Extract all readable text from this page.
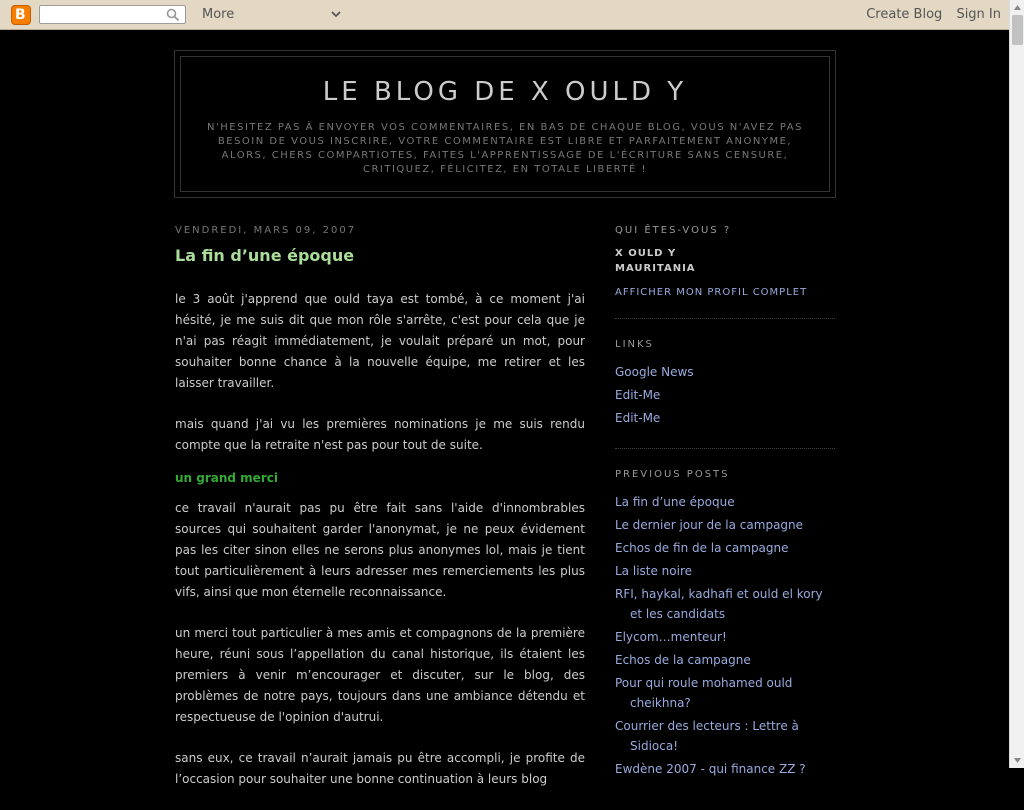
B	More	Create Blog Sign In
LE BLOG DE X OULD Y
N'HESITEZ PAS À ENVOYER VOS COMMENTAIRES, EN BAS DE CHAQUE BLOG, VOUS N'AVEZ PAS BESOIN DE VOUS INSCRIRE, VOTRE COMMENTAIRE EST LIBRE ET PARFAITEMENT ANONYME, ALORS, CHERS COMPARTIOTES, FAITES L'APPRENTISSAGE DE L'ÉCRITURE SANS CENSURE, CRITIQUEZ, FÉLICITEZ, EN TOTALE LIBERTÉ !
VENDREDI, MARS 09, 2007
La fin d’une époque

le 3 août j'apprend que ould taya est tombé, à ce moment j'ai hésité, je me suis dit que mon rôle s'arrête, c'est pour cela que je n'ai pas réagit immédiatement, je voulait préparé un mot, pour souhaiter bonne chance à la nouvelle équipe, me retirer et les laisser travailler.

mais quand j'ai vu les premières nominations je me suis rendu compte que la retraite n'est pas pour tout de suite.

un grand merci

ce travail n'aurait pas pu être fait sans l'aide d'innombrables sources qui souhaitent garder l'anonymat, je ne peux évidement pas les citer sinon elles ne serons plus anonymes lol, mais je tient tout particulièrement à leurs adresser mes remerciements les plus vifs, ainsi que mon éternelle reconnaissance.

un merci tout particulier à mes amis et compagnons de la première heure, réuni sous l’appellation du canal historique, ils étaient les premiers à venir m’encourager et discuter, sur le blog, des problèmes de notre pays, toujours dans une ambiance détendu et respectueuse de l'opinion d'autrui.

sans eux, ce travail n’aurait jamais pu être accompli, je profite de l’occasion pour souhaiter une bonne continuation à leurs blog

QUI ÊTES-VOUS ?
X OULD Y
MAURITANIA
AFFICHER MON PROFIL COMPLET
LINKS
Google News
Edit-Me
Edit-Me
PREVIOUS POSTS
La fin d’une époque
Le dernier jour de la campagne
Echos de fin de la campagne
La liste noire
RFI, haykal, kadhafi et ould el kory et les candidats
Elycom…menteur!
Echos de la campagne
Pour qui roule mohamed ould cheikhna?
Courrier des lecteurs : Lettre à Sidioca!
Ewdène 2007 - qui finance ZZ ?
